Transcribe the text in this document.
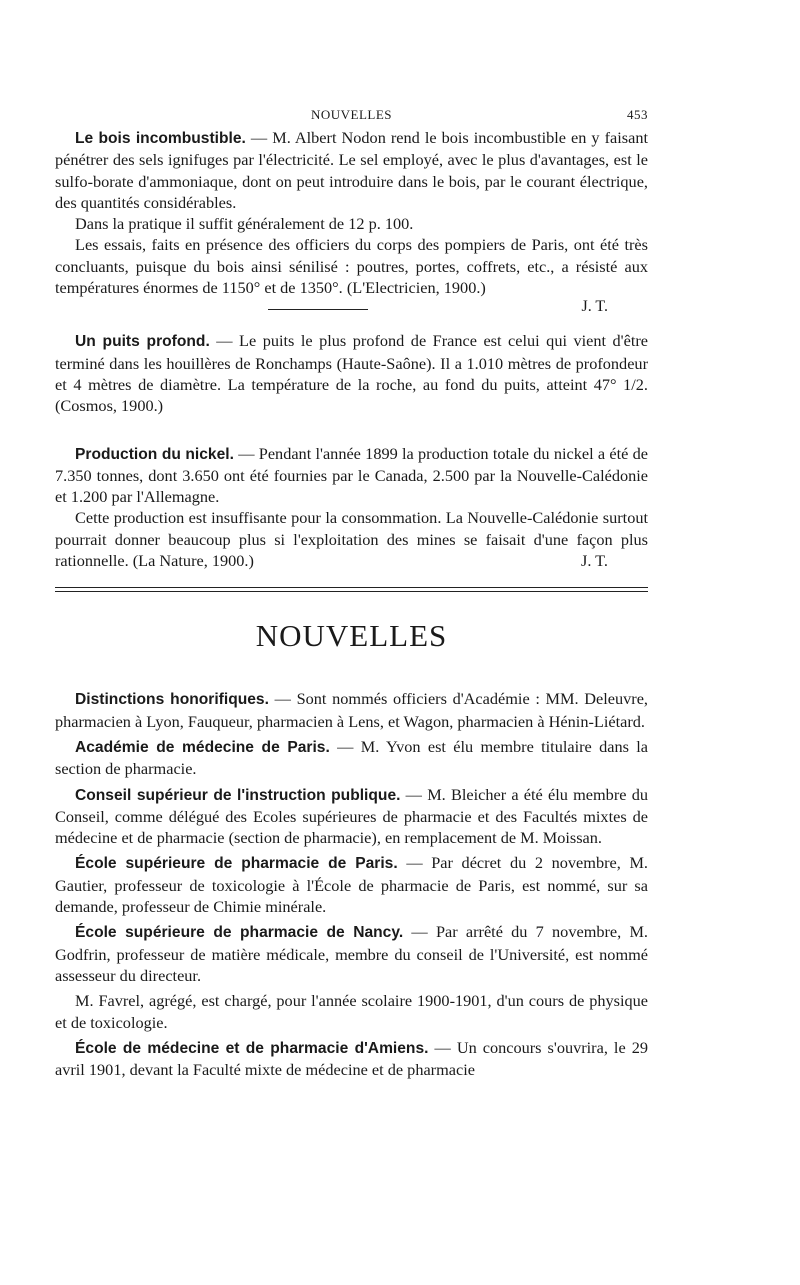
NOUVELLES	453

Le bois incombustible. — M. Albert Nodon rend le bois incombustible en y faisant pénétrer des sels ignifuges par l'électricité. Le sel employé, avec le plus d'avantages, est le sulfo-borate d'ammoniaque, dont on peut introduire dans le bois, par le courant électrique, des quantités considérables.

Dans la pratique il suffit généralement de 12 p. 100.

Les essais, faits en présence des officiers du corps des pompiers de Paris, ont été très concluants, puisque du bois ainsi sénilisé : poutres, portes, coffrets, etc., a résisté aux températures énormes de 1150° et de 1350°. (L'Electricien, 1900.)

J. T.

Un puits profond. — Le puits le plus profond de France est celui qui vient d'être terminé dans les houillères de Ronchamps (Haute-Saône). Il a 1.010 mètres de profondeur et 4 mètres de diamètre. La température de la roche, au fond du puits, atteint 47° 1/2. (Cosmos, 1900.)

Production du nickel. — Pendant l'année 1899 la production totale du nickel a été de 7.350 tonnes, dont 3.650 ont été fournies par le Canada, 2.500 par la Nouvelle-Calédonie et 1.200 par l'Allemagne.

Cette production est insuffisante pour la consommation. La Nouvelle-Calédonie surtout pourrait donner beaucoup plus si l'exploitation des mines se faisait d'une façon plus rationnelle. (La Nature, 1900.)	J. T.

NOUVELLES

Distinctions honorifiques. — Sont nommés officiers d'Académie : MM. Deleuvre, pharmacien à Lyon, Fauqueur, pharmacien à Lens, et Wagon, pharmacien à Hénin-Liétard.

Académie de médecine de Paris. — M. Yvon est élu membre titulaire dans la section de pharmacie.

Conseil supérieur de l'instruction publique. — M. Bleicher a été élu membre du Conseil, comme délégué des Ecoles supérieures de pharmacie et des Facultés mixtes de médecine et de pharmacie (section de pharmacie), en remplacement de M. Moissan.

École supérieure de pharmacie de Paris. — Par décret du 2 novembre, M. Gautier, professeur de toxicologie à l'École de pharmacie de Paris, est nommé, sur sa demande, professeur de Chimie minérale.

École supérieure de pharmacie de Nancy. — Par arrêté du 7 novembre, M. Godfrin, professeur de matière médicale, membre du conseil de l'Université, est nommé assesseur du directeur.

M. Favrel, agrégé, est chargé, pour l'année scolaire 1900-1901, d'un cours de physique et de toxicologie.

École de médecine et de pharmacie d'Amiens. — Un concours s'ouvrira, le 29 avril 1901, devant la Faculté mixte de médecine et de pharmacie
